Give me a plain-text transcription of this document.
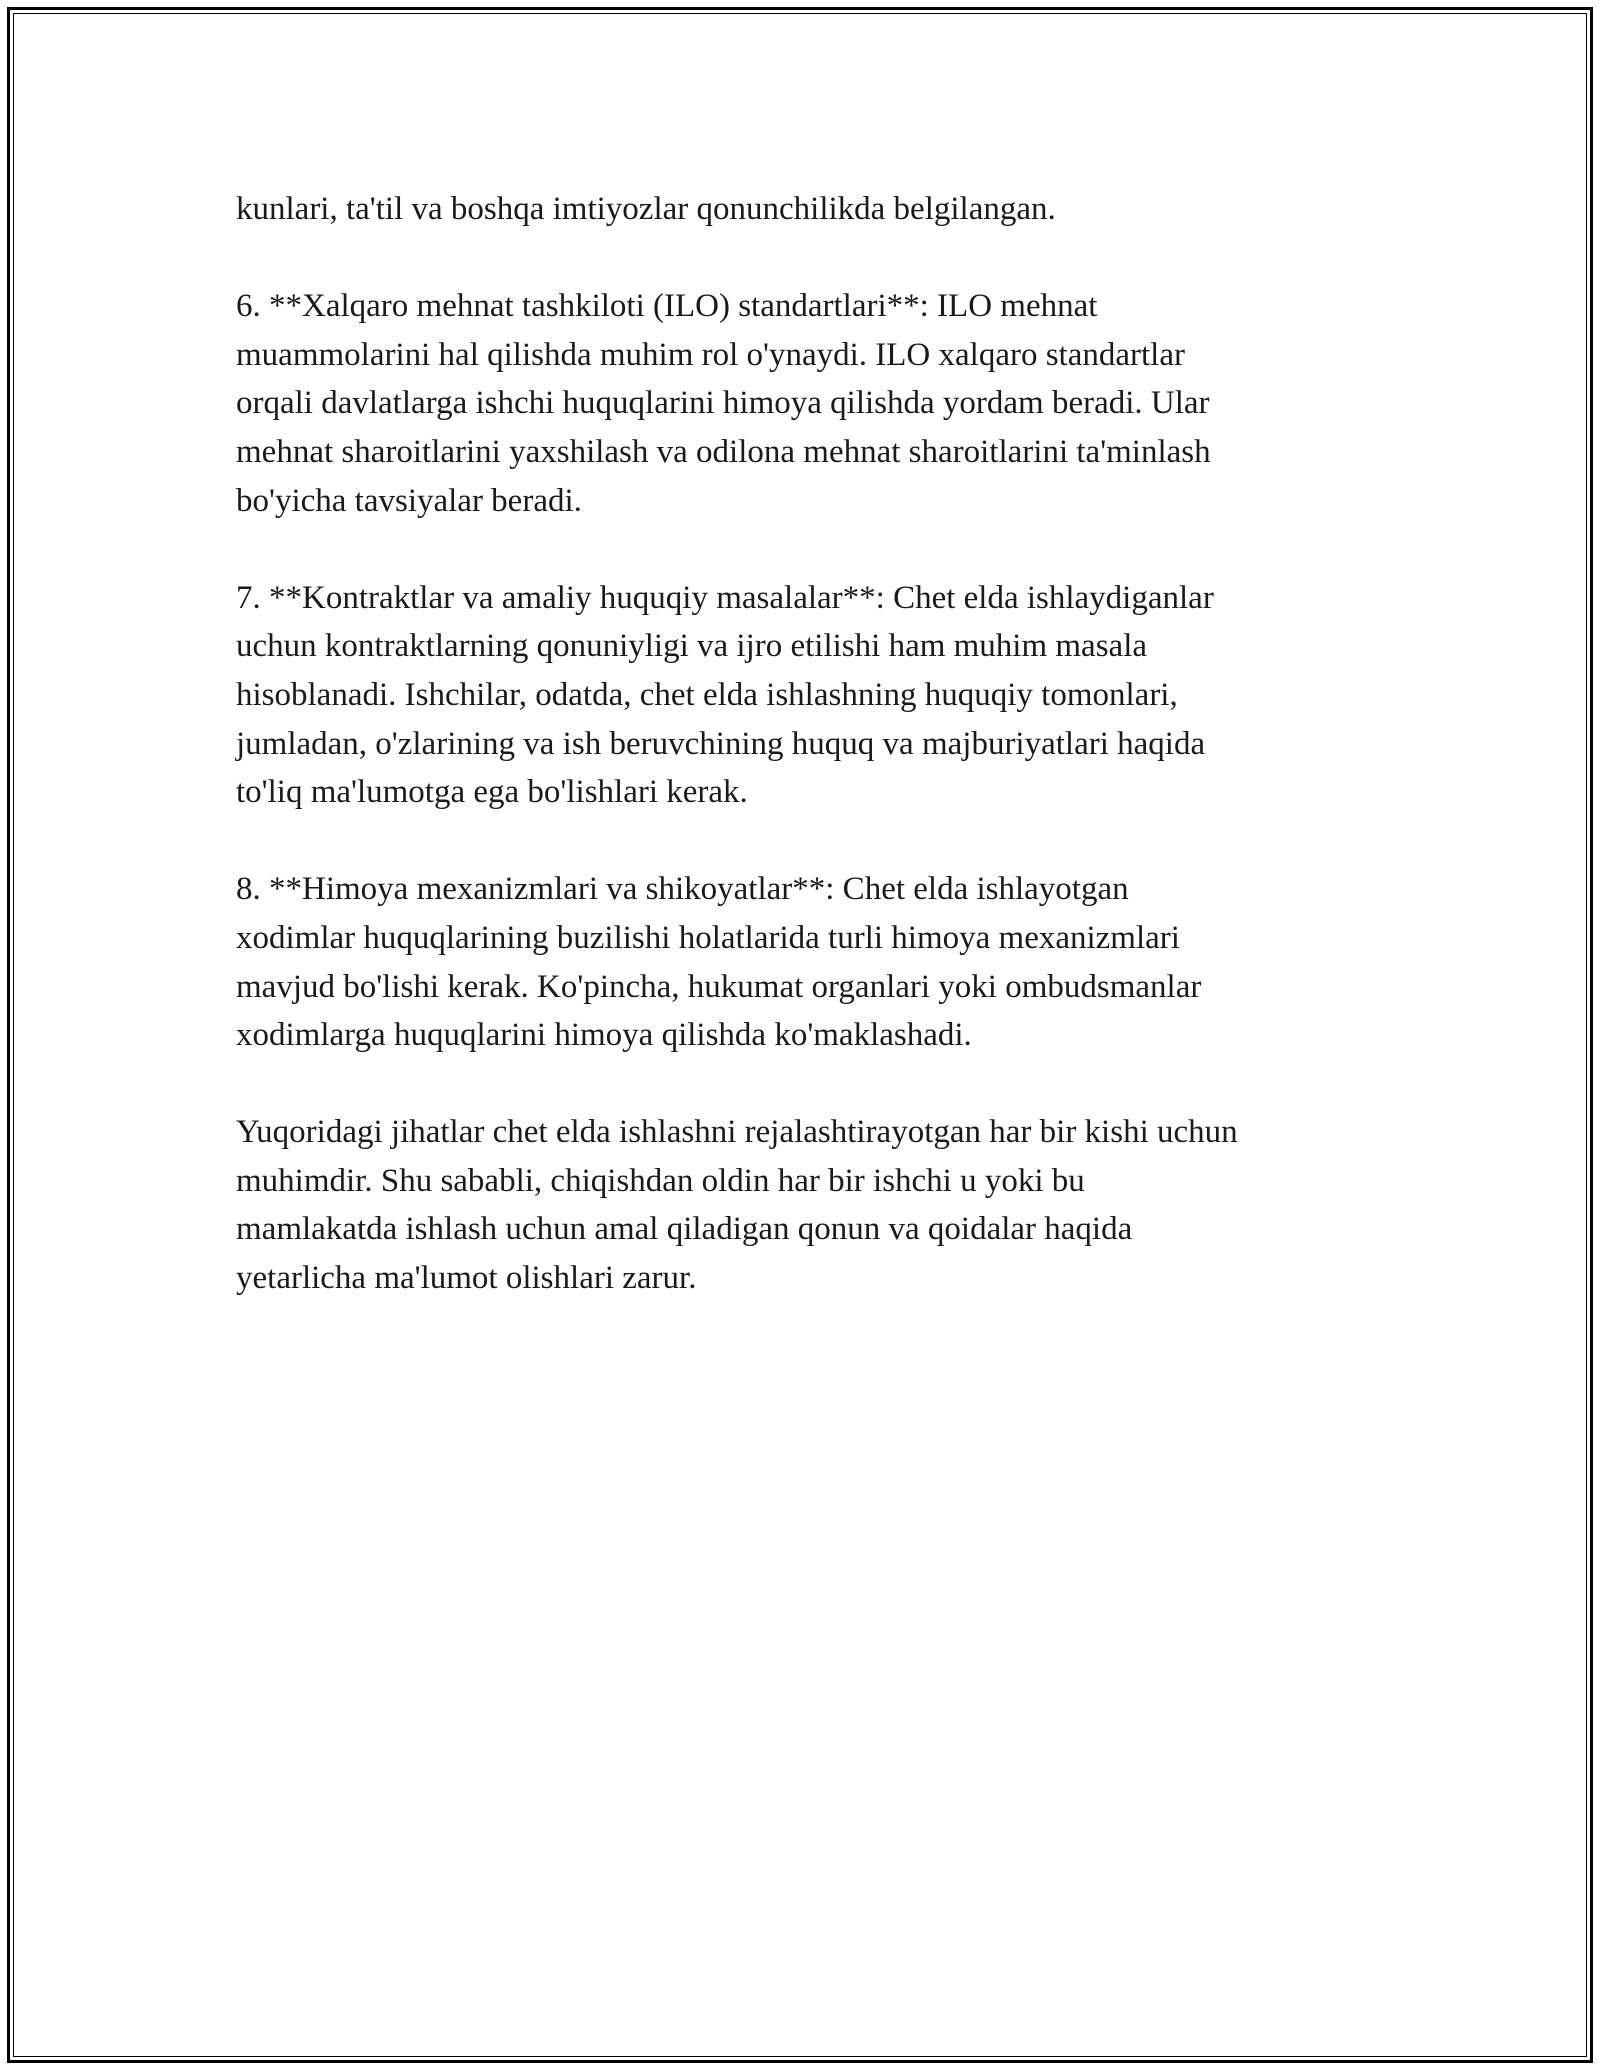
kunlari, ta'til va boshqa imtiyozlar qonunchilikda belgilangan.

6. **Xalqaro mehnat tashkiloti (ILO) standartlari**: ILO mehnat
muammolarini hal qilishda muhim rol o'ynaydi. ILO xalqaro standartlar
orqali davlatlarga ishchi huquqlarini himoya qilishda yordam beradi. Ular
mehnat sharoitlarini yaxshilash va odilona mehnat sharoitlarini ta'minlash
bo'yicha tavsiyalar beradi.

7. **Kontraktlar va amaliy huquqiy masalalar**: Chet elda ishlaydiganlar
uchun kontraktlarning qonuniyligi va ijro etilishi ham muhim masala
hisoblanadi. Ishchilar, odatda, chet elda ishlashning huquqiy tomonlari,
jumladan, o'zlarining va ish beruvchining huquq va majburiyatlari haqida
to'liq ma'lumotga ega bo'lishlari kerak.

8. **Himoya mexanizmlari va shikoyatlar**: Chet elda ishlayotgan
xodimlar huquqlarining buzilishi holatlarida turli himoya mexanizmlari
mavjud bo'lishi kerak. Ko'pincha, hukumat organlari yoki ombudsmanlar
xodimlarga huquqlarini himoya qilishda ko'maklashadi.

Yuqoridagi jihatlar chet elda ishlashni rejalashtirayotgan har bir kishi uchun
muhimdir. Shu sababli, chiqishdan oldin har bir ishchi u yoki bu
mamlakatda ishlash uchun amal qiladigan qonun va qoidalar haqida
yetarlicha ma'lumot olishlari zarur.
